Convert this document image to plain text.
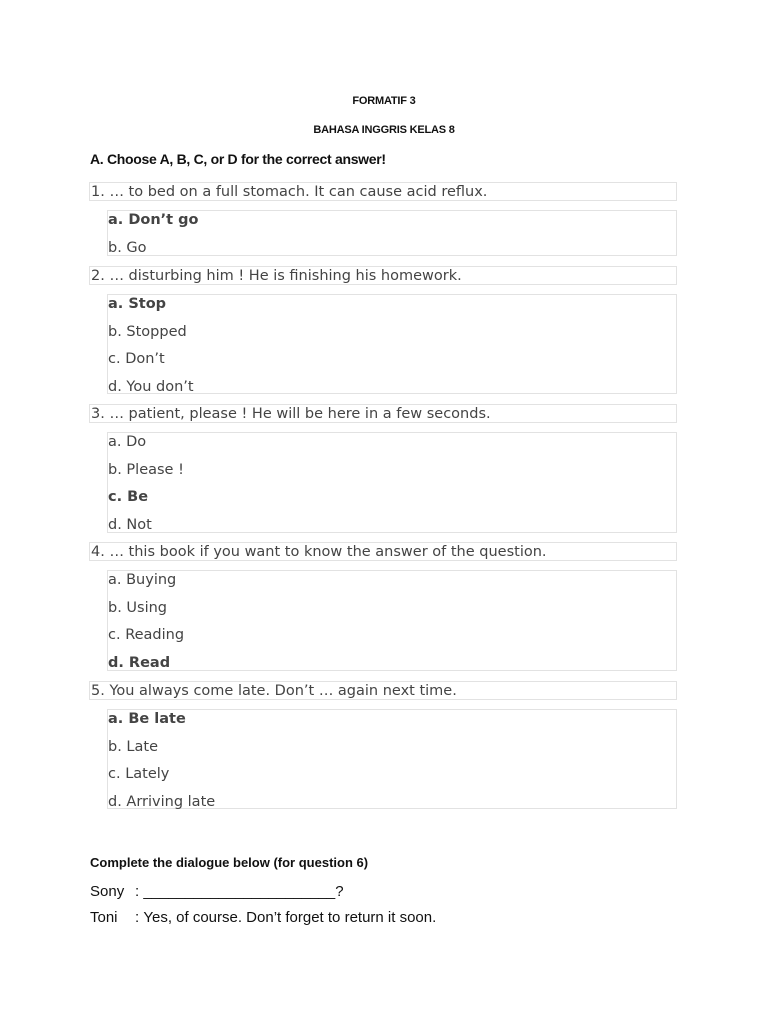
FORMATIF 3
BAHASA INGGRIS KELAS 8
A. Choose A, B, C, or D for the correct answer!
1. … to bed on a full stomach. It can cause acid reflux.
a. Don’t go
b. Go
2. … disturbing him ! He is finishing his homework.
a. Stop
b. Stopped
c. Don’t
d. You don’t
3. … patient, please ! He will be here in a few seconds.
a. Do
b. Please !
c. Be
d. Not
4. … this book if you want to know the answer of the question.
a. Buying
b. Using
c. Reading
d. Read
5. You always come late. Don’t … again next time.
a. Be late
b. Late
c. Lately
d. Arriving late
Complete the dialogue below (for question 6)
Sony : _______________________?
Toni : Yes, of course. Don’t forget to return it soon.
